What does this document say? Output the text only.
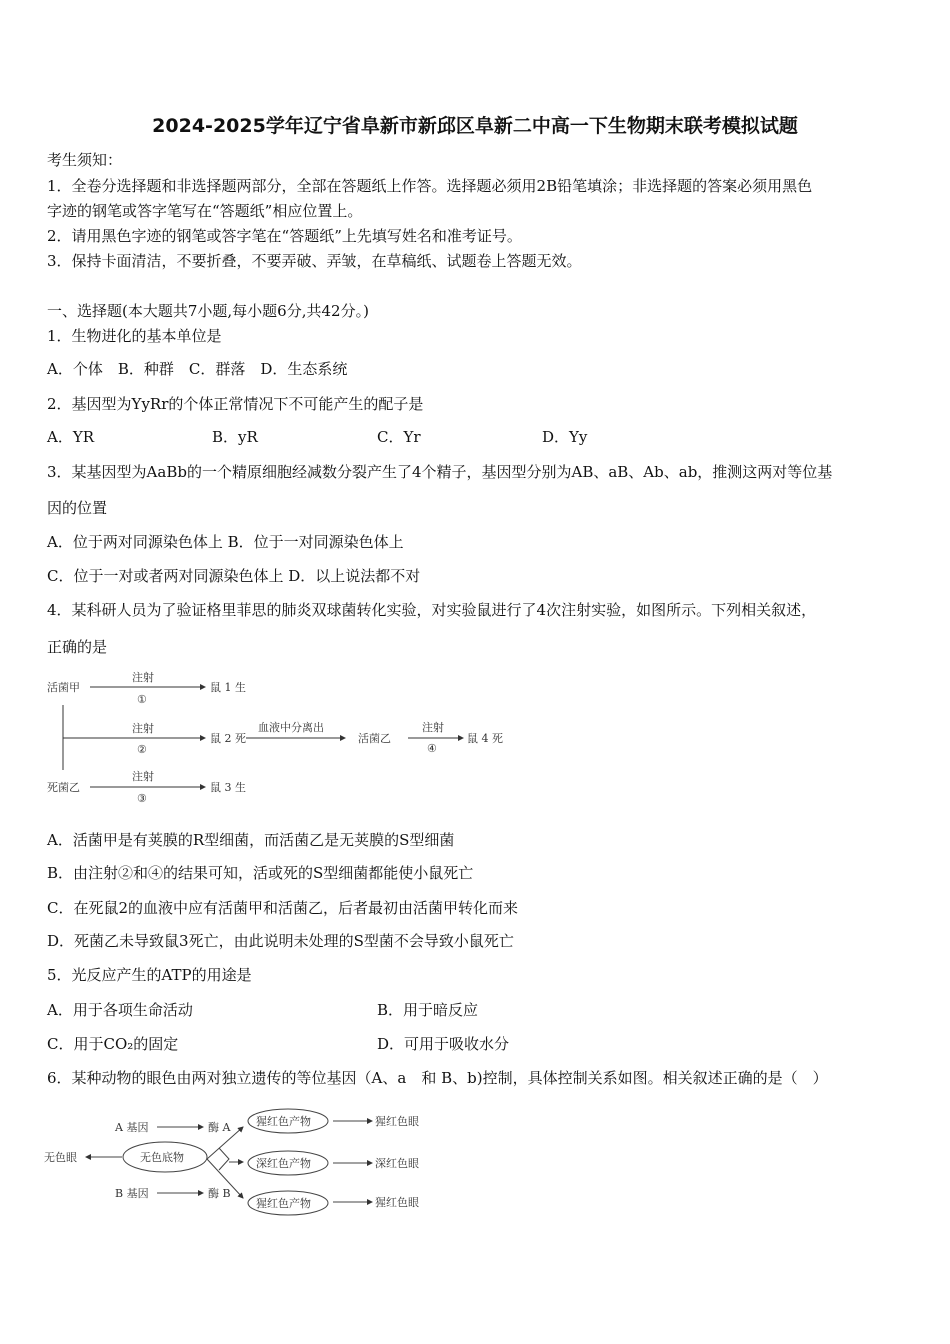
2024-2025学年辽宁省阜新市新邱区阜新二中高一下生物期末联考模拟试题
考生须知：
1．全卷分选择题和非选择题两部分，全部在答题纸上作答。选择题必须用2B铅笔填涂；非选择题的答案必须用黑色
字迹的钢笔或答字笔写在“答题纸”相应位置上。
2．请用黑色字迹的钢笔或答字笔在“答题纸”上先填写姓名和准考证号。
3．保持卡面清洁，不要折叠，不要弄破、弄皱，在草稿纸、试题卷上答题无效。
一、选择题(本大题共7小题,每小题6分,共42分。)
1．生物进化的基本单位是
A．个体　B．种群　C．群落　D．生态系统
2．基因型为YyRr的个体正常情况下不可能产生的配子是
A．YR	B．yR	C．Yr	D．Yy
3．某基因型为AaBb的一个精原细胞经减数分裂产生了4个精子，基因型分别为AB、aB、Ab、ab，推测这两对等位基
因的位置
A．位于两对同源染色体上 B．位于一对同源染色体上
C．位于一对或者两对同源染色体上 D．以上说法都不对
4．某科研人员为了验证格里菲思的肺炎双球菌转化实验，对实验鼠进行了4次注射实验，如图所示。下列相关叙述，
正确的是
活菌甲
注射
①
鼠 1 生
注射
②
鼠 2 死
血液中分离出
活菌乙
注射
④
鼠 4 死
死菌乙
注射
③
鼠 3 生
A 基因
B 基因
酶 A
酶 B
无色底物
无色眼
猩红色产物
深红色产物
猩红色产物
猩红色眼
深红色眼
猩红色眼
A．活菌甲是有荚膜的R型细菌，而活菌乙是无荚膜的S型细菌
B．由注射②和④的结果可知，活或死的S型细菌都能使小鼠死亡
C．在死鼠2的血液中应有活菌甲和活菌乙，后者最初由活菌甲转化而来
D．死菌乙未导致鼠3死亡，由此说明未处理的S型菌不会导致小鼠死亡
5．光反应产生的ATP的用途是
A．用于各项生命活动	B．用于暗反应
C．用于CO₂的固定	D．可用于吸收水分
6．某种动物的眼色由两对独立遗传的等位基因（A、a　和 B、b)控制，具体控制关系如图。相关叙述正确的是（　）
